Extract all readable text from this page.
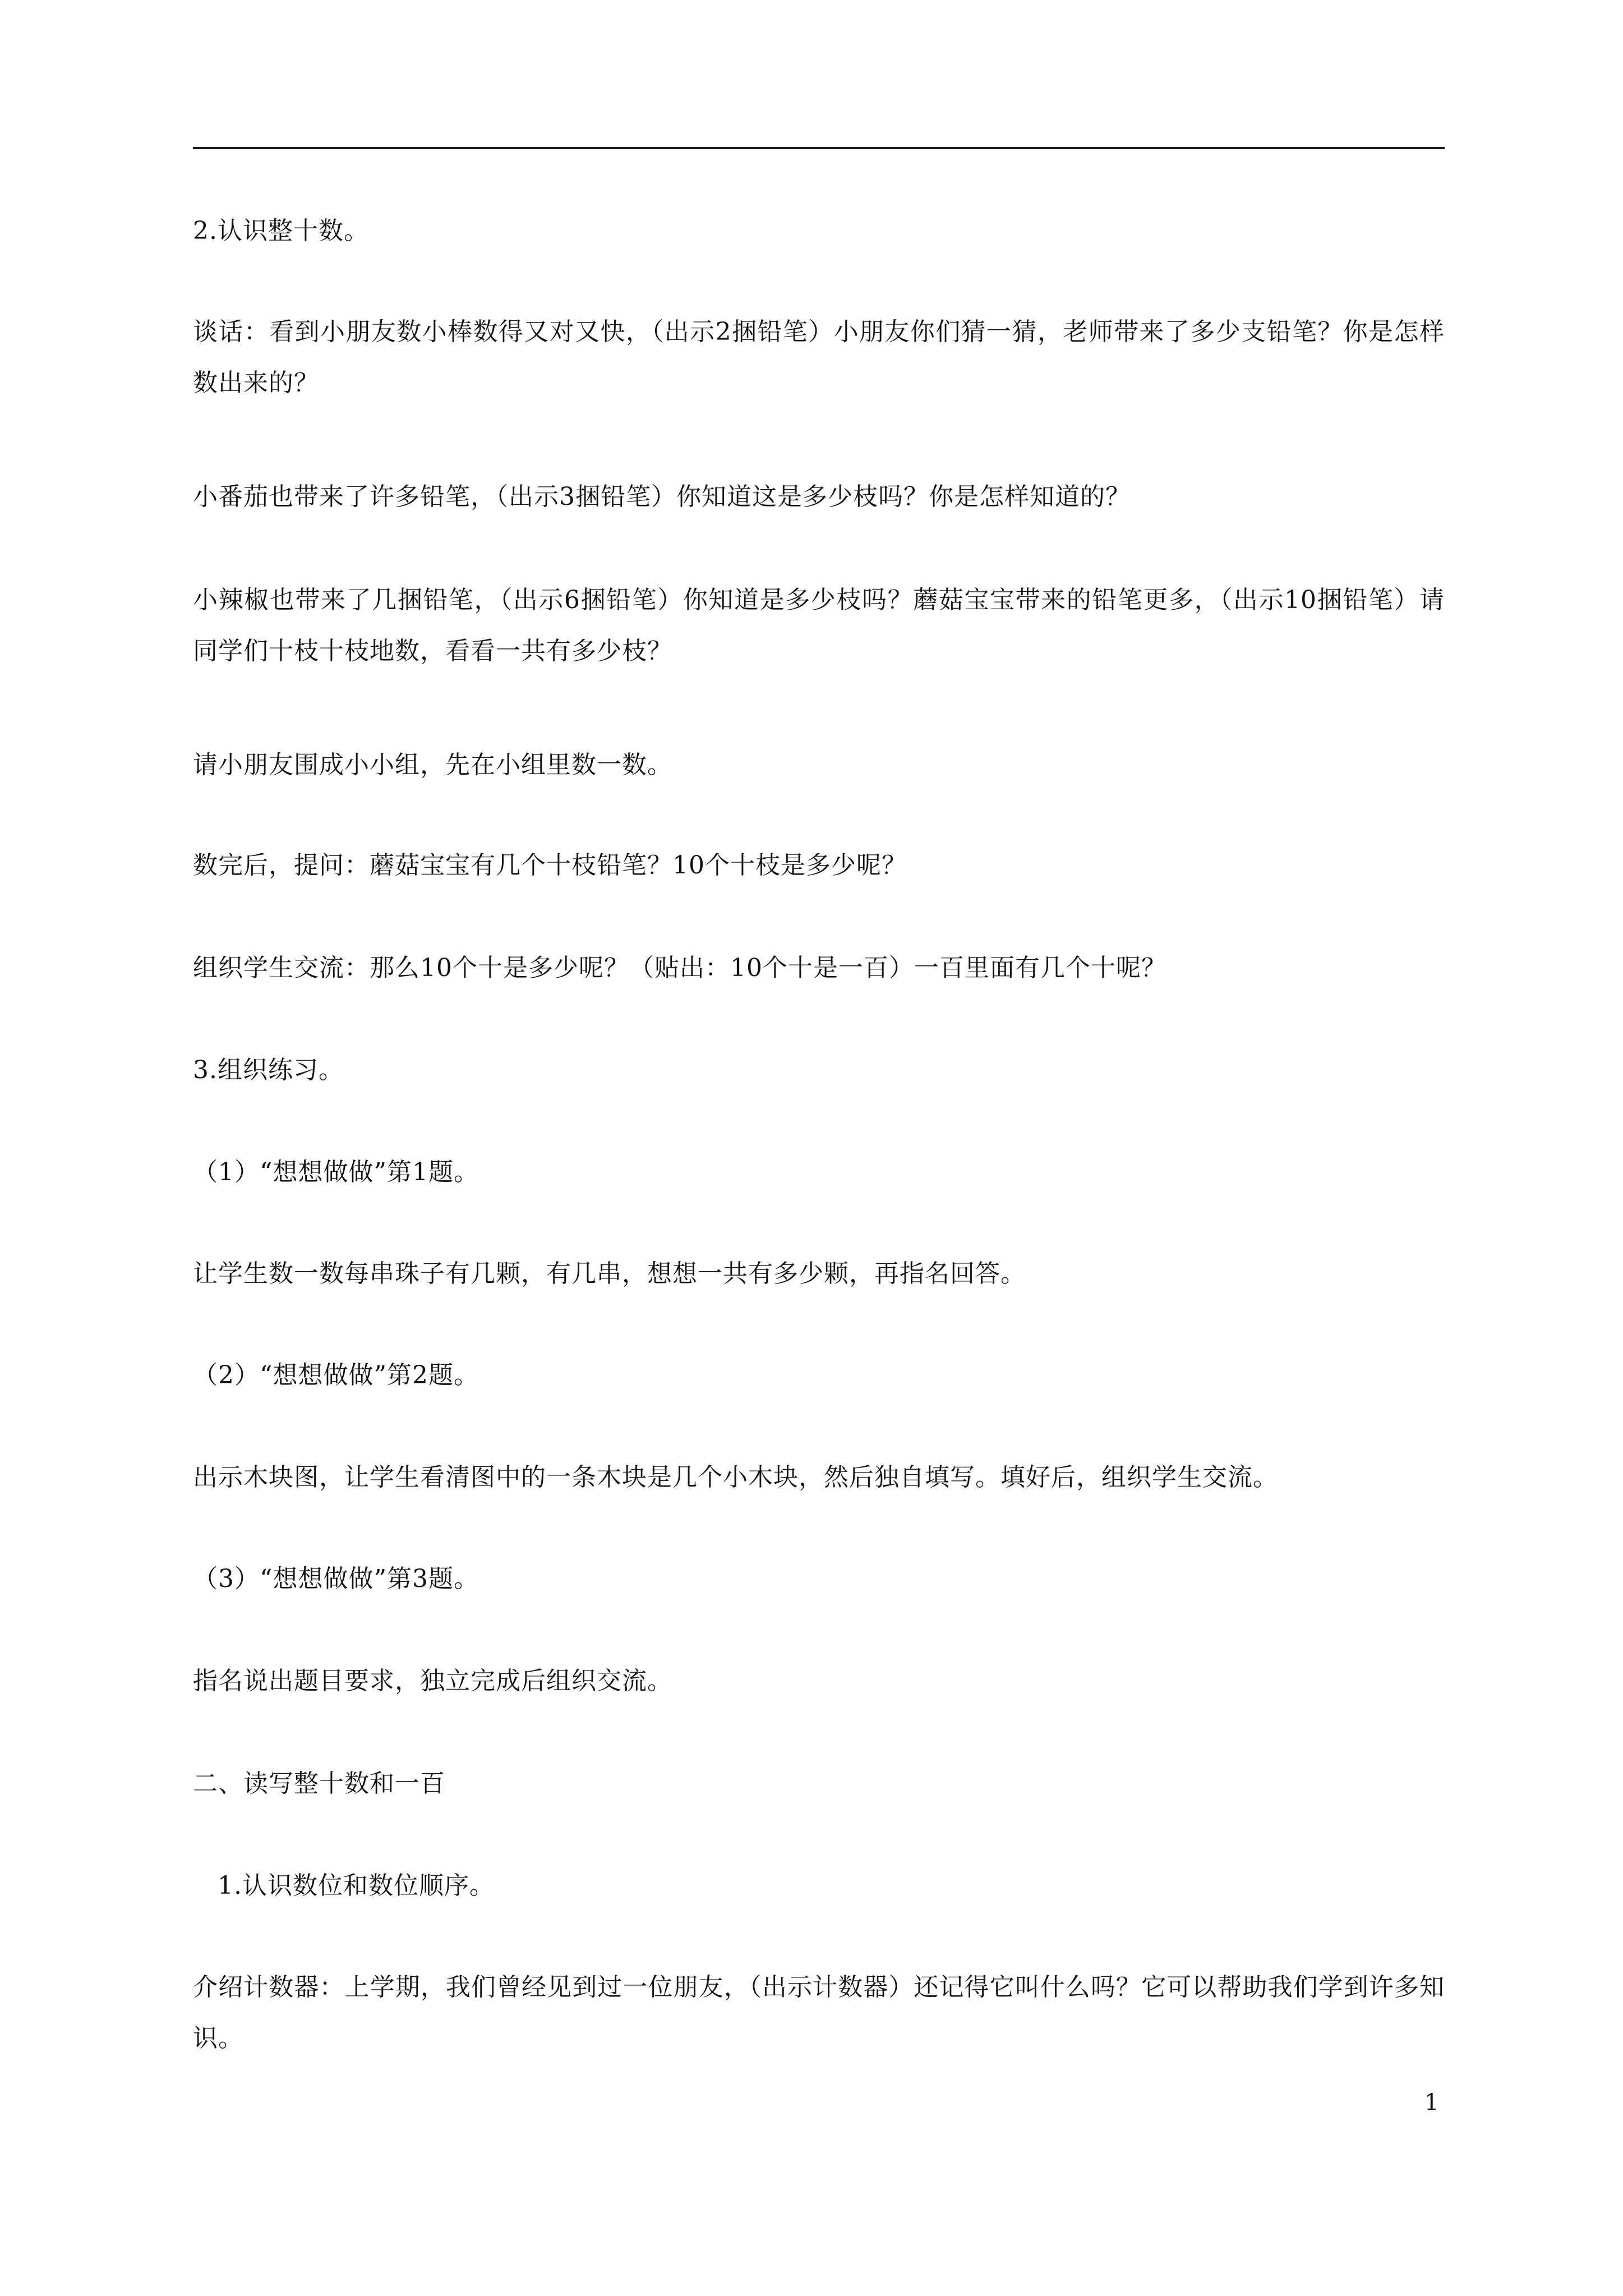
2.认识整十数。
谈话：看到小朋友数小棒数得又对又快，（出示2捆铅笔）小朋友你们猜一猜，老师带来了多少支铅笔？你是怎样数出来的？
小番茄也带来了许多铅笔，（出示3捆铅笔）你知道这是多少枝吗？你是怎样知道的？
小辣椒也带来了几捆铅笔，（出示6捆铅笔）你知道是多少枝吗？蘑菇宝宝带来的铅笔更多，（出示10捆铅笔）请同学们十枝十枝地数，看看一共有多少枝？
请小朋友围成小小组，先在小组里数一数。
数完后，提问：蘑菇宝宝有几个十枝铅笔？10个十枝是多少呢？
组织学生交流：那么10个十是多少呢？（贴出：10个十是一百）一百里面有几个十呢？
3.组织练习。
（1）“想想做做”第1题。
让学生数一数每串珠子有几颗，有几串，想想一共有多少颗，再指名回答。
（2）“想想做做”第2题。
出示木块图，让学生看清图中的一条木块是几个小木块，然后独自填写。填好后，组织学生交流。
（3）“想想做做”第3题。
指名说出题目要求，独立完成后组织交流。
二、读写整十数和一百
1.认识数位和数位顺序。
介绍计数器：上学期，我们曾经见到过一位朋友，（出示计数器）还记得它叫什么吗？它可以帮助我们学到许多知识。
1
